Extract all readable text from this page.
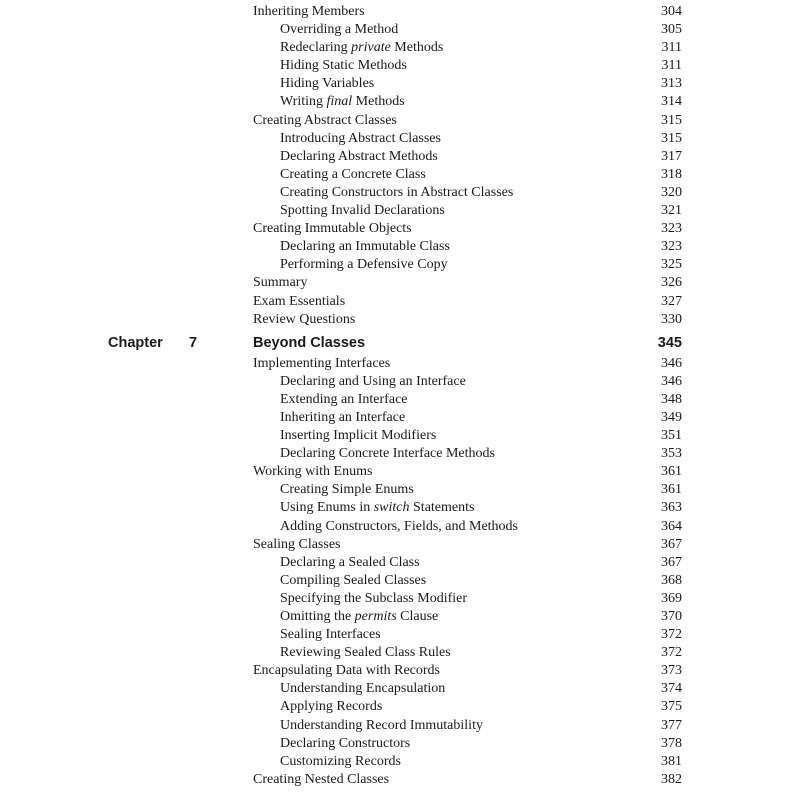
Inheriting Members	304
Overriding a Method	305
Redeclaring private Methods	311
Hiding Static Methods	311
Hiding Variables	313
Writing final Methods	314
Creating Abstract Classes	315
Introducing Abstract Classes	315
Declaring Abstract Methods	317
Creating a Concrete Class	318
Creating Constructors in Abstract Classes	320
Spotting Invalid Declarations	321
Creating Immutable Objects	323
Declaring an Immutable Class	323
Performing a Defensive Copy	325
Summary	326
Exam Essentials	327
Review Questions	330
Chapter 7	Beyond Classes	345
Implementing Interfaces	346
Declaring and Using an Interface	346
Extending an Interface	348
Inheriting an Interface	349
Inserting Implicit Modifiers	351
Declaring Concrete Interface Methods	353
Working with Enums	361
Creating Simple Enums	361
Using Enums in switch Statements	363
Adding Constructors, Fields, and Methods	364
Sealing Classes	367
Declaring a Sealed Class	367
Compiling Sealed Classes	368
Specifying the Subclass Modifier	369
Omitting the permits Clause	370
Sealing Interfaces	372
Reviewing Sealed Class Rules	372
Encapsulating Data with Records	373
Understanding Encapsulation	374
Applying Records	375
Understanding Record Immutability	377
Declaring Constructors	378
Customizing Records	381
Creating Nested Classes	382
